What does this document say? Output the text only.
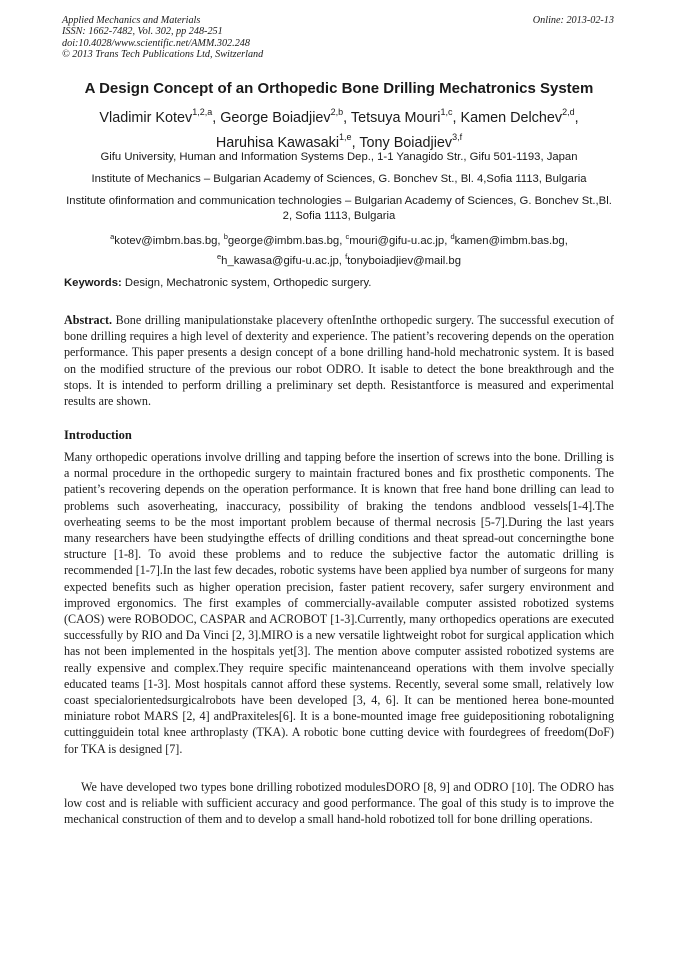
Applied Mechanics and Materials
ISSN: 1662-7482, Vol. 302, pp 248-251
doi:10.4028/www.scientific.net/AMM.302.248
© 2013 Trans Tech Publications Ltd, Switzerland
Online: 2013-02-13
A Design Concept of an Orthopedic Bone Drilling Mechatronics System
Vladimir Kotev$^{1,2,a}$, George Boiadjiev$^{2,b}$, Tetsuya Mouri$^{1,c}$, Kamen Delchev$^{2,d}$,
Haruhisa Kawasaki$^{1,e}$, Tony Boiadjiev$^{3,f}$
Gifu University, Human and Information Systems Dep., 1-1 Yanagido Str., Gifu 501-1193, Japan
Institute of Mechanics – Bulgarian Academy of Sciences, G. Bonchev St., Bl. 4,Sofia 1113, Bulgaria
Institute ofinformation and communication technologies – Bulgarian Academy of Sciences, G. Bonchev St.,Bl. 2, Sofia 1113, Bulgaria
$^a$kotev@imbm.bas.bg, $^b$george@imbm.bas.bg, $^c$mouri@gifu-u.ac.jp, $^d$kamen@imbm.bas.bg,
$^e$h_kawasa@gifu-u.ac.jp, $^f$tonyboiadjiev@mail.bg
Keywords: Design, Mechatronic system, Orthopedic surgery.
Abstract. Bone drilling manipulationstake placevery oftenInthe orthopedic surgery. The successful execution of bone drilling requires a high level of dexterity and experience. The patient’s recovering depends on the operation performance. This paper presents a design concept of a bone drilling hand-hold mechatronic system. It is based on the modified structure of the previous our robot ODRO. It isable to detect the bone breakthrough and the stops. It is intended to perform drilling a preliminary set depth. Resistantforce is measured and experimental results are shown.
Introduction
Many orthopedic operations involve drilling and tapping before the insertion of screws into the bone. Drilling is a normal procedure in the orthopedic surgery to maintain fractured bones and fix prosthetic components. The patient’s recovering depends on the operation performance. It is known that free hand bone drilling can lead to problems such asoverheating, inaccuracy, possibility of braking the tendons andblood vessels[1-4].The overheating seems to be the most important problem because of thermal necrosis [5-7].During the last years many researchers have been studyingthe effects of drilling conditions and theat spread-out concerningthe bone structure [1-8]. To avoid these problems and to reduce the subjective factor the automatic drilling is recommended [1-7].In the last few decades, robotic systems have been applied bya number of surgeons for many expected benefits such as higher operation precision, faster patient recovery, safer surgery environment and improved ergonomics. The first examples of commercially-available computer assisted robotized systems (CAOS) were ROBODOC, CASPAR and ACROBOT [1-3].Currently, many orthopedics operations are executed successfully by RIO and Da Vinci [2, 3].MIRO is a new versatile lightweight robot for surgical application which has not been implemented in the hospitals yet[3]. The mention above computer assisted robotized systems are really expensive and complex.They require specific maintenanceand operations with them involve specially educated teams [1-3]. Most hospitals cannot afford these systems. Recently, several some small, relatively low coast specialorientedsurgicalrobots have been developed [3, 4, 6]. It can be mentioned herea bone-mounted miniature robot MARS [2, 4] andPraxiteles[6]. It is a bone-mounted image free guidepositioning robotaligning cuttingguidein total knee arthroplasty (TKA). A robotic bone cutting device with fourdegrees of freedom(DoF) for TKA is designed [7].
We have developed two types bone drilling robotized modulesDORO [8, 9] and ODRO [10]. The ODRO has low cost and is reliable with sufficient accuracy and good performance. The goal of this study is to improve the mechanical construction of them and to develop a small hand-hold robotized toll for bone drilling operations.
